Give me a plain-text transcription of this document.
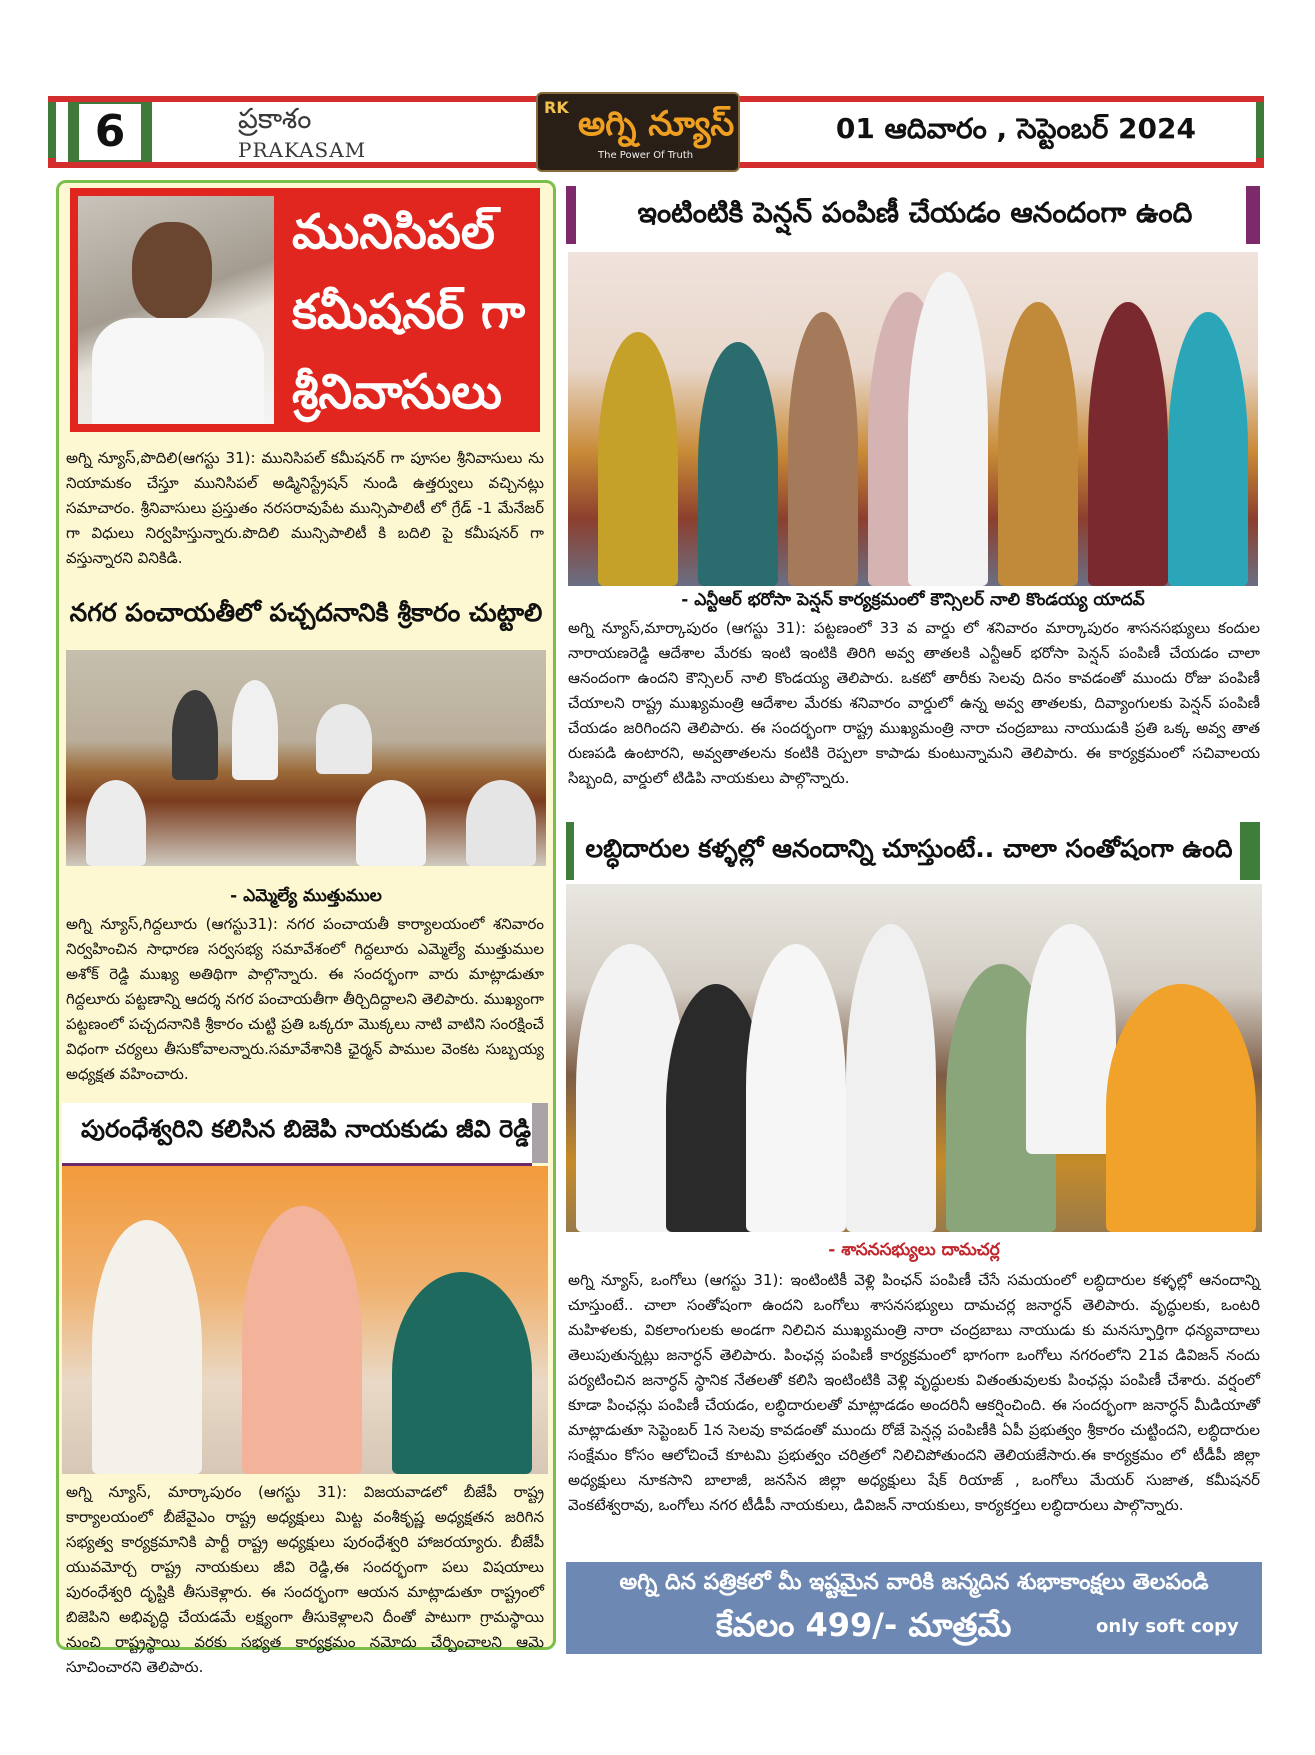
6	ప్రకాశం
PRAKASAM
RK అగ్ని న్యూస్
The Power Of Truth
01 ఆదివారం , సెప్టెంబర్ 2024
మునిసిపల్
కమీషనర్ గా
శ్రీనివాసులు
అగ్ని న్యూస్,పొదిలి(ఆగస్టు 31): మునిసిపల్ కమీషనర్ గా పూసల శ్రీనివాసులు ను నియామకం చేస్తూ మునిసిపల్ అడ్మినిస్ట్రేషన్ నుండి ఉత్తర్వులు వచ్చినట్లు సమాచారం. శ్రీనివాసులు ప్రస్తుతం నరసరావుపేట మున్సిపాలిటీ లో గ్రేడ్ -1 మేనేజర్ గా విధులు నిర్వహిస్తున్నారు.పొదిలి మున్సిపాలిటీ కి బదిలి పై కమీషనర్ గా వస్తున్నారని వినికిడి.
నగర పంచాయతీలో పచ్చదనానికి శ్రీకారం చుట్టాలి
- ఎమ్మెల్యే ముత్తుముల
అగ్ని న్యూస్,గిద్దలూరు (ఆగస్టు31): నగర పంచాయతీ కార్యాలయంలో శనివారం నిర్వహించిన సాధారణ సర్వసభ్య సమావేశంలో గిద్దలూరు ఎమ్మెల్యే ముత్తుముల అశోక్ రెడ్డి ముఖ్య అతిథిగా పాల్గొన్నారు. ఈ సందర్భంగా వారు మాట్లాడుతూ గిద్దలూరు పట్టణాన్ని ఆదర్శ నగర పంచాయతీగా తీర్చిదిద్దాలని తెలిపారు. ముఖ్యంగా పట్టణంలో పచ్చదనానికి శ్రీకారం చుట్టి ప్రతి ఒక్కరూ మొక్కలు నాటి వాటిని సంరక్షించే విధంగా చర్యలు తీసుకోవాలన్నారు.సమావేశానికి ఛైర్మన్ పాముల వెంకట సుబ్బయ్య అధ్యక్షత వహించారు.
పురంధేశ్వరిని కలిసిన బిజెపి నాయకుడు జీవి రెడ్డి
అగ్ని న్యూస్, మార్కాపురం (ఆగస్టు 31): విజయవాడలో బీజేపీ రాష్ట్ర కార్యాలయంలో బీజేవైఎం రాష్ట్ర అధ్యక్షులు మిట్ట వంశీకృష్ణ అధ్యక్షతన జరిగిన సభ్యత్వ కార్యక్రమానికి పార్టీ రాష్ట్ర అధ్యక్షులు పురంధేశ్వరి హాజరయ్యారు. బీజేపీ యువమోర్చ రాష్ట్ర నాయకులు జీవి రెడ్డి,ఈ సందర్భంగా పలు విషయాలు పురంధేశ్వరి దృష్టికి తీసుకెళ్లారు. ఈ సందర్భంగా ఆయన మాట్లాడుతూ రాష్ట్రంలో బిజెపిని అభివృద్ధి చేయడమే లక్ష్యంగా తీసుకెళ్లాలని దీంతో పాటుగా గ్రామస్థాయి నుంచి రాష్ట్రస్థాయి వరకు సభ్యత కార్యక్రమం నమోదు చేర్పించాలని ఆమె సూచించారని తెలిపారు.
ఇంటింటికి పెన్షన్ పంపిణీ చేయడం ఆనందంగా ఉంది
- ఎన్టీఆర్ భరోసా పెన్షన్ కార్యక్రమంలో కౌన్సిలర్ నాలి కొండయ్య యాదవ్
అగ్ని న్యూస్,మార్కాపురం (ఆగస్టు 31): పట్టణంలో 33 వ వార్డు లో శనివారం మార్కాపురం శాసనసభ్యులు కందుల నారాయణరెడ్డి ఆదేశాల మేరకు ఇంటి ఇంటికి తిరిగి అవ్వ తాతలకి ఎన్టీఆర్ భరోసా పెన్షన్ పంపిణీ చేయడం చాలా ఆనందంగా ఉందని కౌన్సిలర్ నాలి కొండయ్య తెలిపారు. ఒకటో తారీకు సెలవు దినం కావడంతో ముందు రోజు పంపిణీ చేయాలని రాష్ట్ర ముఖ్యమంత్రి ఆదేశాల మేరకు శనివారం వార్డులో ఉన్న అవ్వ తాతలకు, దివ్యాంగులకు పెన్షన్ పంపిణీ చేయడం జరిగిందని తెలిపారు. ఈ సందర్భంగా రాష్ట్ర ముఖ్యమంత్రి నారా చంద్రబాబు నాయుడుకి ప్రతి ఒక్క అవ్వ తాత రుణపడి ఉంటారని, అవ్వతాతలను కంటికి రెప్పలా కాపాడు కుంటున్నామని తెలిపారు. ఈ కార్యక్రమంలో సచివాలయ సిబ్బంది, వార్డులో టిడిపి నాయకులు పాల్గొన్నారు.
లబ్ధిదారుల కళ్ళల్లో ఆనందాన్ని చూస్తుంటే.. చాలా సంతోషంగా ఉంది
- శాసనసభ్యులు దామచర్ల
అగ్ని న్యూస్, ఒంగోలు (ఆగస్టు 31): ఇంటింటికీ వెళ్లి పింఛన్ పంపిణీ చేసే సమయంలో లబ్ధిదారుల కళ్ళల్లో ఆనందాన్ని చూస్తుంటే.. చాలా సంతోషంగా ఉందని ఒంగోలు శాసనసభ్యులు దామచర్ల జనార్ధన్ తెలిపారు. వృద్ధులకు, ఒంటరి మహిళలకు, వికలాంగులకు అండగా నిలిచిన ముఖ్యమంత్రి నారా చంద్రబాబు నాయుడు కు మనస్ఫూర్తిగా ధన్యవాదాలు తెలుపుతున్నట్లు జనార్ధన్ తెలిపారు. పింఛన్ల పంపిణీ కార్యక్రమంలో భాగంగా ఒంగోలు నగరంలోని 21వ డివిజన్ నందు పర్యటించిన జనార్ధన్ స్థానిక నేతలతో కలిసి ఇంటింటికి వెళ్లి వృద్ధులకు వితంతువులకు పింఛన్లు పంపిణీ చేశారు. వర్షంలో కూడా పింఛన్లు పంపిణీ చేయడం, లబ్ధిదారులతో మాట్లాడడం అందరినీ ఆకర్షించింది. ఈ సందర్భంగా జనార్ధన్ మీడియాతో మాట్లాడుతూ సెప్టెంబర్ 1న సెలవు కావడంతో ముందు రోజే పెన్షన్ల పంపిణీకి ఏపీ ప్రభుత్వం శ్రీకారం చుట్టిందని, లబ్ధిదారుల సంక్షేమం కోసం ఆలోచించే కూటమి ప్రభుత్వం చరిత్రలో నిలిచిపోతుందని తెలియజేసారు.ఈ కార్యక్రమం లో టీడీపీ జిల్లా అధ్యక్షులు నూకసాని బాలాజీ, జనసేన జిల్లా అధ్యక్షులు షేక్ రియాజ్ , ఒంగోలు మేయర్ సుజాత, కమీషనర్ వెంకటేశ్వరావు, ఒంగోలు నగర టీడీపీ నాయకులు, డివిజన్ నాయకులు, కార్యకర్తలు లబ్ధిదారులు పాల్గొన్నారు.
అగ్ని దిన పత్రికలో మీ ఇష్టమైన వారికి జన్మదిన శుభాకాంక్షలు తెలపండి
కేవలం 499/- మాత్రమే	only soft copy
